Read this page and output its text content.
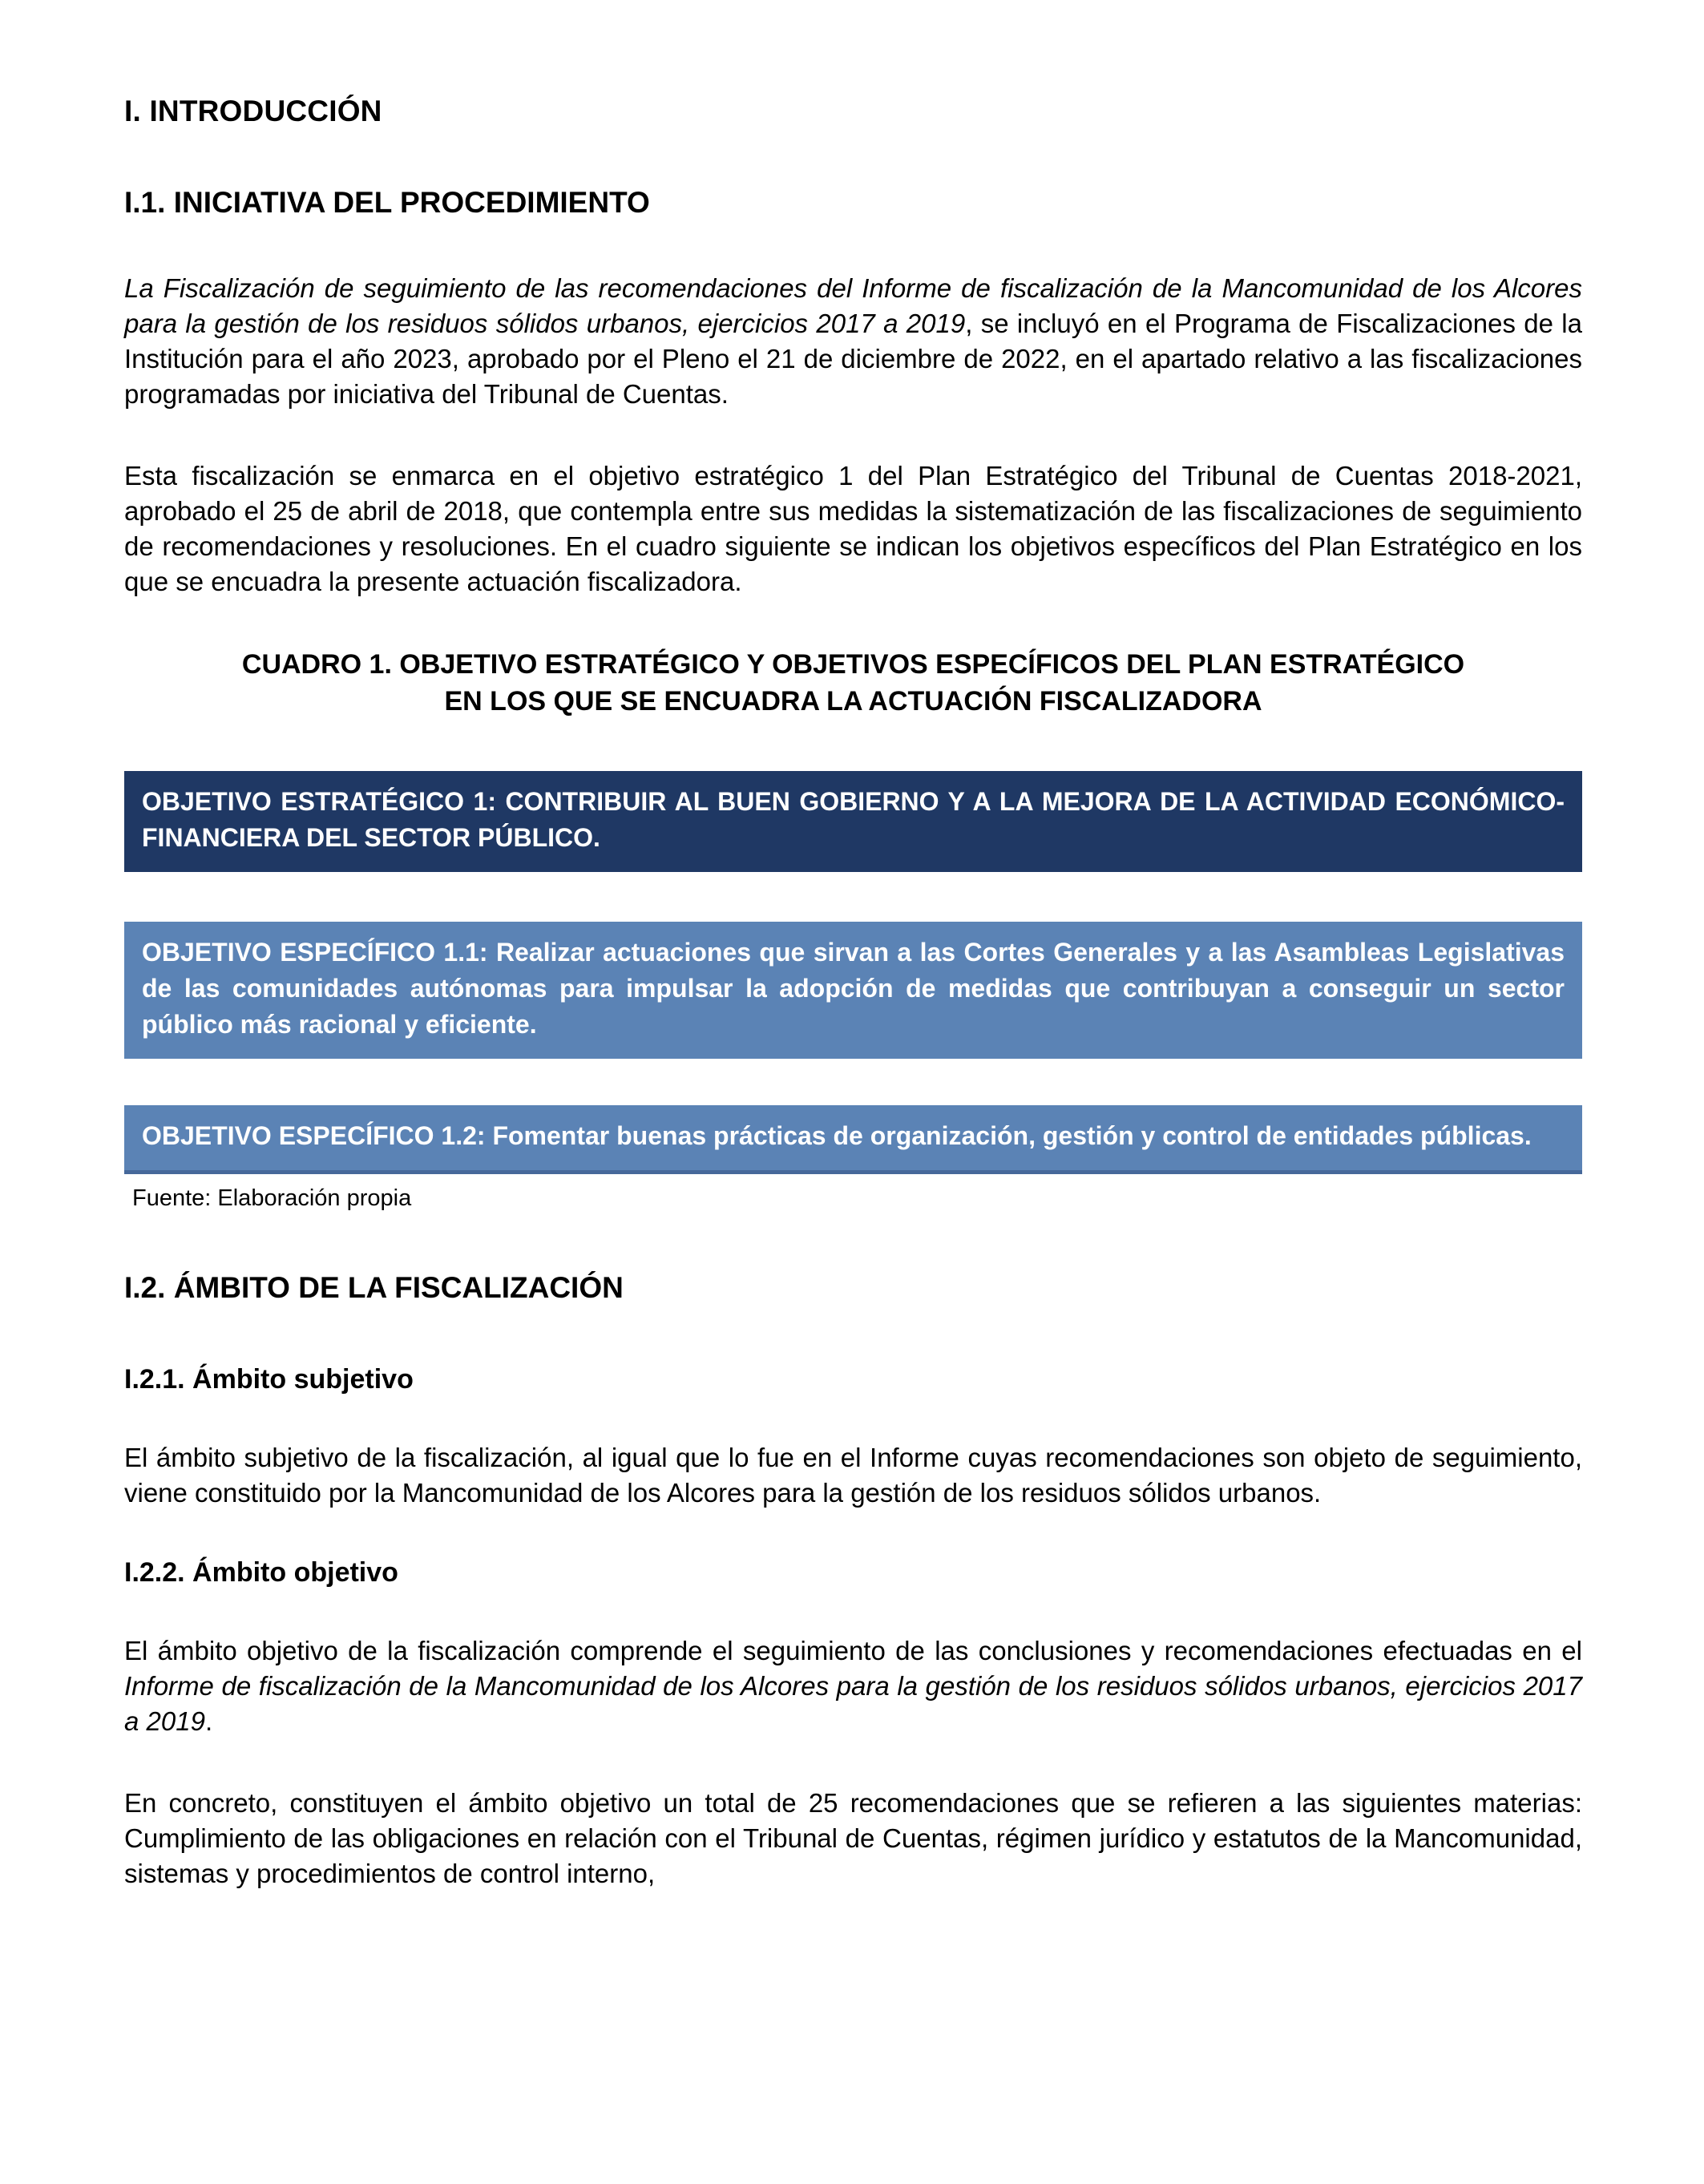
I. INTRODUCCIÓN
I.1. INICIATIVA DEL PROCEDIMIENTO

La Fiscalización de seguimiento de las recomendaciones del Informe de fiscalización de la Mancomunidad de los Alcores para la gestión de los residuos sólidos urbanos, ejercicios 2017 a 2019, se incluyó en el Programa de Fiscalizaciones de la Institución para el año 2023, aprobado por el Pleno el 21 de diciembre de 2022, en el apartado relativo a las fiscalizaciones programadas por iniciativa del Tribunal de Cuentas.

Esta fiscalización se enmarca en el objetivo estratégico 1 del Plan Estratégico del Tribunal de Cuentas 2018-2021, aprobado el 25 de abril de 2018, que contempla entre sus medidas la sistematización de las fiscalizaciones de seguimiento de recomendaciones y resoluciones. En el cuadro siguiente se indican los objetivos específicos del Plan Estratégico en los que se encuadra la presente actuación fiscalizadora.

CUADRO 1. OBJETIVO ESTRATÉGICO Y OBJETIVOS ESPECÍFICOS DEL PLAN ESTRATÉGICO EN LOS QUE SE ENCUADRA LA ACTUACIÓN FISCALIZADORA
OBJETIVO ESTRATÉGICO 1: CONTRIBUIR AL BUEN GOBIERNO Y A LA MEJORA DE LA ACTIVIDAD ECONÓMICO-FINANCIERA DEL SECTOR PÚBLICO.
OBJETIVO ESPECÍFICO 1.1: Realizar actuaciones que sirvan a las Cortes Generales y a las Asambleas Legislativas de las comunidades autónomas para impulsar la adopción de medidas que contribuyan a conseguir un sector público más racional y eficiente.
OBJETIVO ESPECÍFICO 1.2: Fomentar buenas prácticas de organización, gestión y control de entidades públicas.
Fuente: Elaboración propia
I.2. ÁMBITO DE LA FISCALIZACIÓN
I.2.1. Ámbito subjetivo

El ámbito subjetivo de la fiscalización, al igual que lo fue en el Informe cuyas recomendaciones son objeto de seguimiento, viene constituido por la Mancomunidad de los Alcores para la gestión de los residuos sólidos urbanos.

I.2.2. Ámbito objetivo

El ámbito objetivo de la fiscalización comprende el seguimiento de las conclusiones y recomendaciones efectuadas en el Informe de fiscalización de la Mancomunidad de los Alcores para la gestión de los residuos sólidos urbanos, ejercicios 2017 a 2019.

En concreto, constituyen el ámbito objetivo un total de 25 recomendaciones que se refieren a las siguientes materias: Cumplimiento de las obligaciones en relación con el Tribunal de Cuentas, régimen jurídico y estatutos de la Mancomunidad, sistemas y procedimientos de control interno,
